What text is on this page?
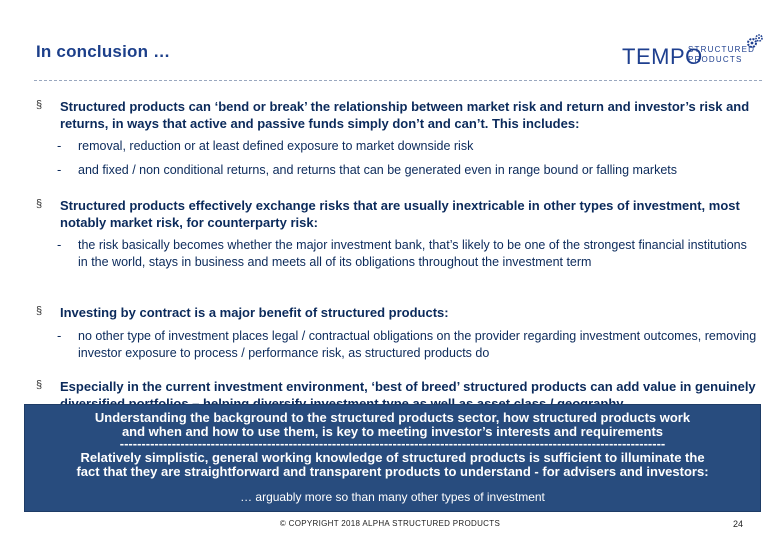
In conclusion …	TEMPO
STRUCTURED
PRODUCTS
§ Structured products can ‘bend or break’ the relationship between market risk and return and investor’s risk and returns, in ways that active and passive funds simply don’t and can’t. This includes:
- removal, reduction or at least defined exposure to market downside risk
- and fixed / non conditional returns, and returns that can be generated even in range bound or falling markets
§ Structured products effectively exchange risks that are usually inextricable in other types of investment, most notably market risk, for counterparty risk:
- the risk basically becomes whether the major investment bank, that’s likely to be one of the strongest financial institutions in the world, stays in business and meets all of its obligations throughout the investment term
§ Investing by contract is a major benefit of structured products:
- no other type of investment places legal / contractual obligations on the provider regarding investment outcomes, removing investor exposure to process / performance risk, as structured products do
§ Especially in the current investment environment, ‘best of breed’ structured products can add value in genuinely
Understanding the background to the structured products sector, how structured products work
and when and how to use them, is key to meeting investor’s interests and requirements
------------------------------------------------------------------------------------------------------------------------------
Relatively simplistic, general working knowledge of structured products is sufficient to illuminate the
fact that they are straightforward and transparent products to understand - for advisers and investors:
… arguably more so than many other types of investment
© COPYRIGHT 2018 ALPHA STRUCTURED PRODUCTS	24
